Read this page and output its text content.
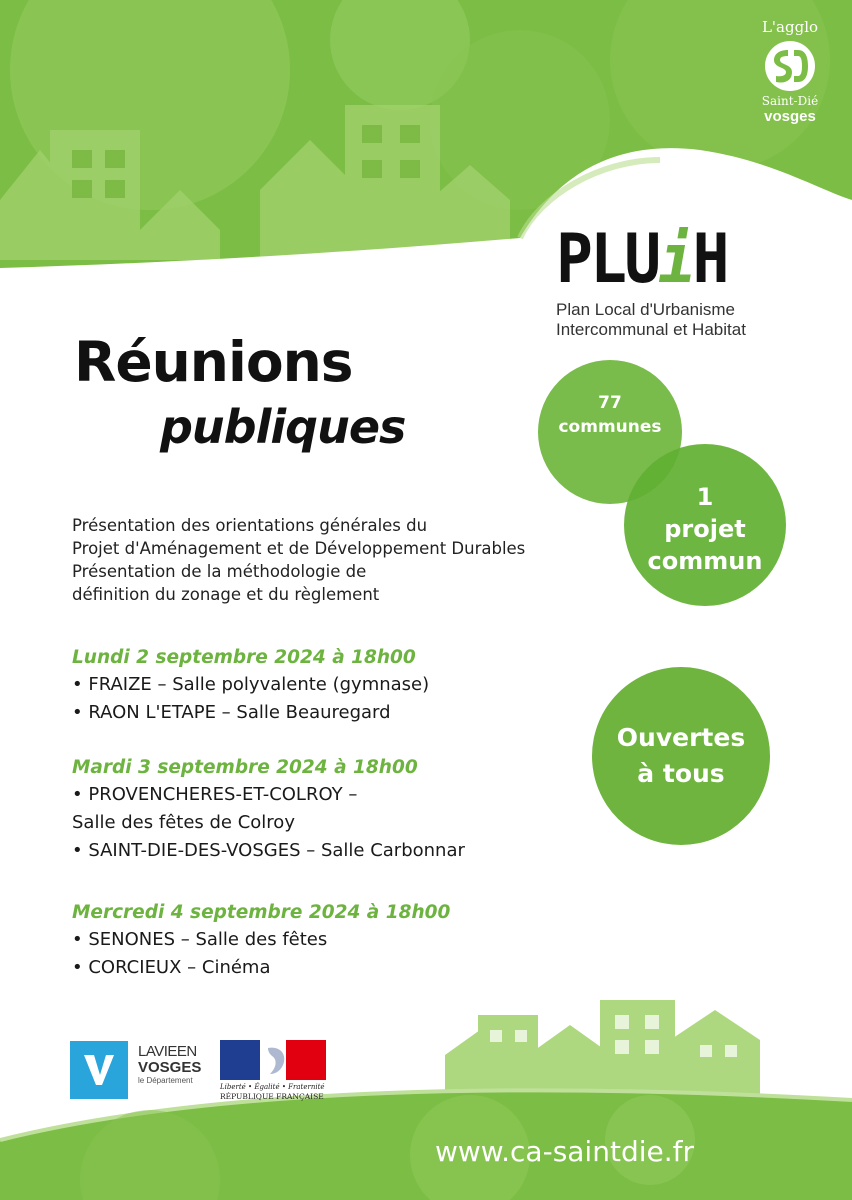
L'agglo
Saint-Dié
vosges
PLUiH
Plan Local d'Urbanisme
Intercommunal et Habitat
Réunions
publiques	77
communes
1
projet
commun
Ouvertes
à tous
Présentation des orientations générales du
Projet d'Aménagement et de Développement Durables
Présentation de la méthodologie de
définition du zonage et du règlement
Lundi 2 septembre 2024 à 18h00
• FRAIZE – Salle polyvalente (gymnase)
• RAON L'ETAPE – Salle Beauregard
Mardi 3 septembre 2024 à 18h00
• PROVENCHERES-ET-COLROY –
Salle des fêtes de Colroy
• SAINT-DIE-DES-VOSGES – Salle Carbonnar
Mercredi 4 septembre 2024 à 18h00
• SENONES – Salle des fêtes
• CORCIEUX – Cinéma
LAVIEEN
VOSGES
le Département
Liberté • Égalité • Fraternité
RÉPUBLIQUE FRANÇAISE
www.ca-saintdie.fr
